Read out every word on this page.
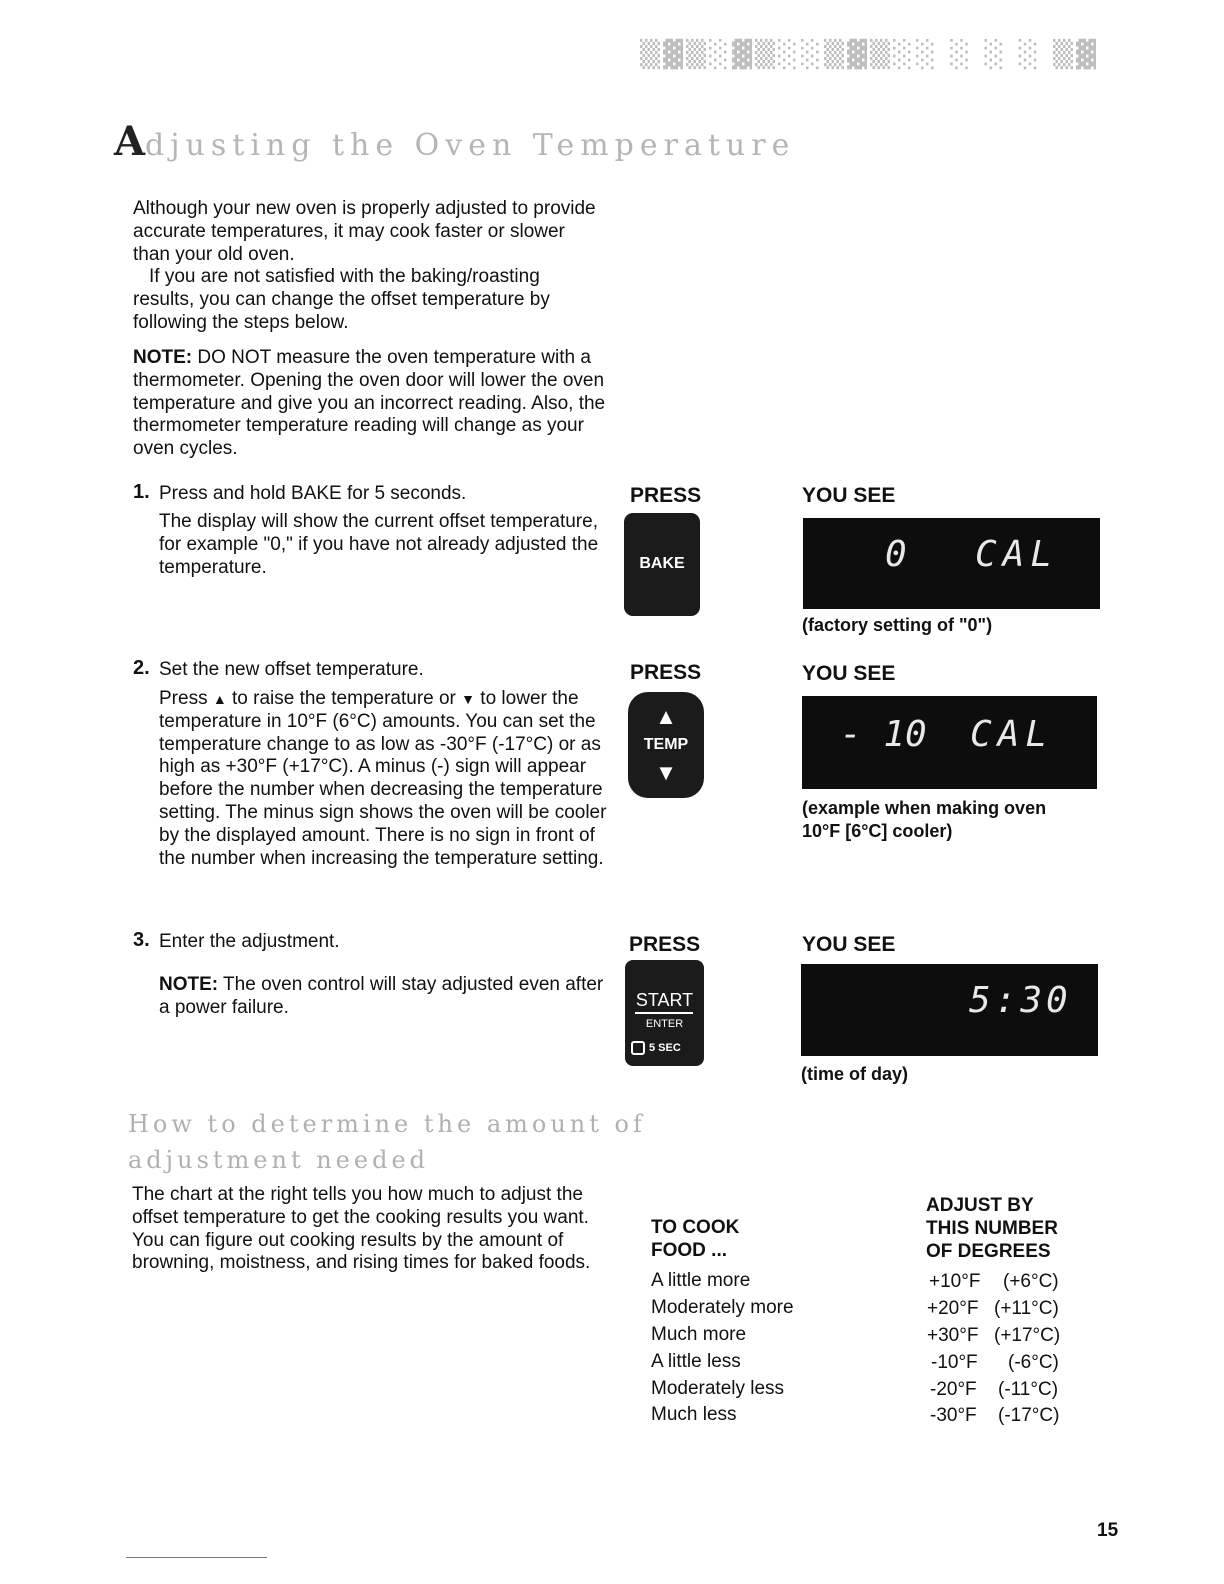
▒▓▒░▓▒░░▒▓▒░░ ░ ░ ░ ▒▓
Adjusting the Oven Temperature

Although your new oven is properly adjusted to provide accurate temperatures, it may cook faster or slower than your old oven.

If you are not satisfied with the baking/roasting results, you can change the offset temperature by following the steps below.

NOTE: DO NOT measure the oven temperature with a thermometer. Opening the oven door will lower the oven temperature and give you an incorrect reading. Also, the thermometer temperature reading will change as your oven cycles.
1. Press and hold BAKE for 5 seconds.
The display will show the current offset temperature, for example "0," if you have not already adjusted the temperature.
PRESS	YOU SEE
BAKE	0 CAL
(factory setting of "0")
2. Set the new offset temperature.
Press ▲ to raise the temperature or ▼ to lower the temperature in 10°F (6°C) amounts. You can set the temperature change to as low as -30°F (-17°C) or as high as +30°F (+17°C). A minus (-) sign will appear before the number when decreasing the temperature setting. The minus sign shows the oven will be cooler by the displayed amount. There is no sign in front of the number when increasing the temperature setting.
PRESS	YOU SEE
▲
TEMP
▼
- 10 CAL
(example when making oven
10°F [6°C] cooler)
3. Enter the adjustment.
NOTE: The oven control will stay adjusted even after a power failure.
PRESS	YOU SEE
START
ENTER
5 SEC
5:30
(time of day)
How to determine the amount of
adjustment needed
The chart at the right tells you how much to adjust the offset temperature to get the cooking results you want. You can figure out cooking results by the amount of browning, moistness, and rising times for baked foods.
TO COOK
FOOD ...
ADJUST BY
THIS NUMBER
OF DEGREES
A little more	+10°F (+6°C)
Moderately more	+20°F (+11°C)
Much more	+30°F (+17°C)
A little less	-10°F (-6°C)
Moderately less	-20°F (-11°C)
Much less	-30°F (-17°C)
15
